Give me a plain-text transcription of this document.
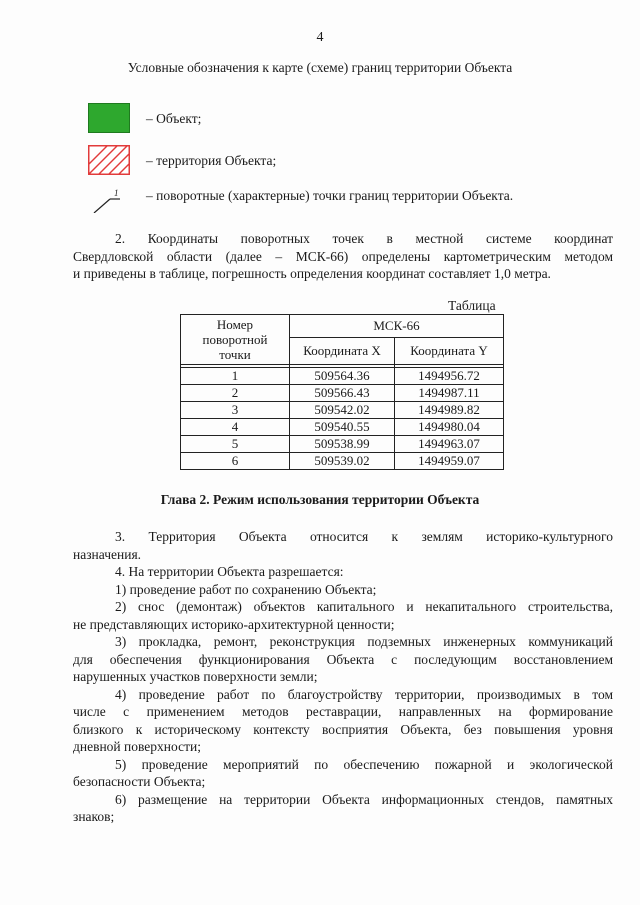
4
Условные обозначения к карте (схеме) границ территории Объекта
– Объект;
– территория Объекта;
1 – поворотные (характерные) точки границ территории Объекта.
2. Координаты поворотных точек в местной системе координат
Свердловской области (далее – МСК-66) определены картометрическим методом
и приведены в таблице, погрешность определения координат составляет 1,0 метра.
Таблица
Номер
поворотной
точки	МСК-66	
	Координата X	Координата Y

1	509564.36	1494956.72
2	509566.43	1494987.11
3	509542.02	1494989.82
4	509540.55	1494980.04
5	509538.99	1494963.07
6	509539.02	1494959.07
Глава 2. Режим использования территории Объекта
3. Территория Объекта относится к землям историко-культурного
назначения.
4. На территории Объекта разрешается:
1) проведение работ по сохранению Объекта;
2) снос (демонтаж) объектов капитального и некапитального строительства,
не представляющих историко-архитектурной ценности;
3) прокладка, ремонт, реконструкция подземных инженерных коммуникаций
для обеспечения функционирования Объекта с последующим восстановлением
нарушенных участков поверхности земли;
4) проведение работ по благоустройству территории, производимых в том
числе с применением методов реставрации, направленных на формирование
близкого к историческому контексту восприятия Объекта, без повышения уровня
дневной поверхности;
5) проведение мероприятий по обеспечению пожарной и экологической
безопасности Объекта;
6) размещение на территории Объекта информационных стендов, памятных
знаков;
